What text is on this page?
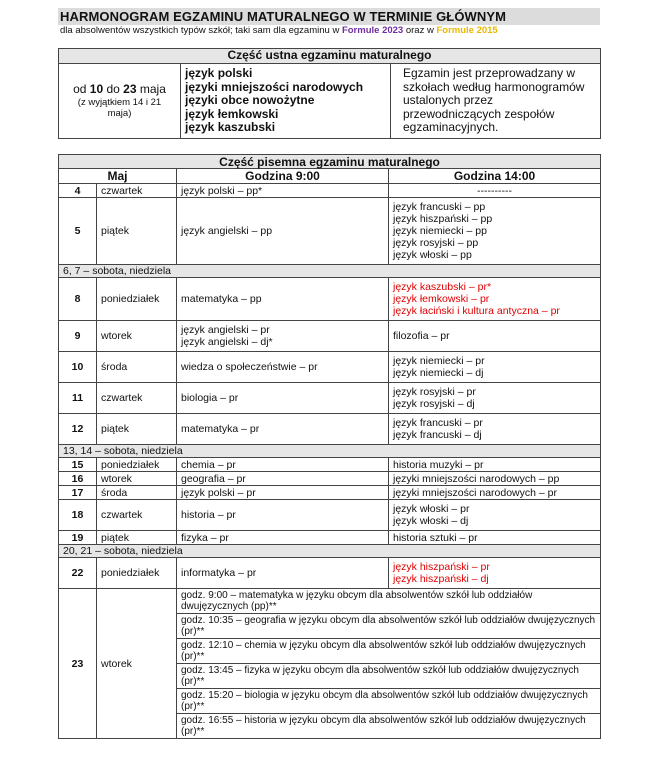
HARMONOGRAM EGZAMINU MATURALNEGO W TERMINIE GŁÓWNYM
dla absolwentów wszystkich typów szkół; taki sam dla egzaminu w Formule 2023 oraz w Formule 2015
Część ustna egzaminu maturalnego

od 10 do 23 maja
(z wyjątkiem 14 i 21 maja)

język polski
języki mniejszości narodowych
języki obce nowożytne
język łemkowski
język kaszubski
	Egzamin jest przeprowadzany w szkołach według harmonogramów ustalonych przez przewodniczących zespołów egzaminacyjnych.
Część pisemna egzaminu maturalnego			
Maj		Godzina 9:00	Godzina 14:00
4	czwartek	język polski – pp*	----------

5	piątek	język angielski – pp	język francuski – pp
język hiszpański – pp
język niemiecki – pp
język rosyjski – pp
język włoski – pp

6, 7 – sobota, niedziela			
8	poniedziałek	matematyka – pp	język kaszubski – pr*
język łemkowski – pr
język łaciński i kultura antyczna – pr

9	wtorek	język angielski – pr
język angielski – dj*	filozofia – pr

10	środa	wiedza o społeczeństwie – pr	język niemiecki – pr
język niemiecki – dj

11	czwartek	biologia – pr	język rosyjski – pr
język rosyjski – dj

12	piątek	matematyka – pr	język francuski – pr
język francuski – dj

13, 14 – sobota, niedziela			
15	poniedziałek	chemia – pr	historia muzyki – pr

16	wtorek	geografia – pr	języki mniejszości narodowych – pp

17	środa	język polski – pr	języki mniejszości narodowych – pr

18	czwartek	historia – pr	język włoski – pr
język włoski – dj

19	piątek	fizyka – pr	historia sztuki – pr

20, 21 – sobota, niedziela			
22	poniedziałek	informatyka – pr	język hiszpański – pr
język hiszpański – dj

23	wtorek	godz. 9:00 – matematyka w języku obcym dla absolwentów szkół lub oddziałów dwujęzycznych (pp)**	
		godz. 10:35 – geografia w języku obcym dla absolwentów szkół lub oddziałów dwujęzycznych (pr)**	
		godz. 12:10 – chemia w języku obcym dla absolwentów szkół lub oddziałów dwujęzycznych (pr)**	
		godz. 13:45 – fizyka w języku obcym dla absolwentów szkół lub oddziałów dwujęzycznych (pr)**	
		godz. 15:20 – biologia w języku obcym dla absolwentów szkół lub oddziałów dwujęzycznych (pr)**	
		godz. 16:55 – historia w języku obcym dla absolwentów szkół lub oddziałów dwujęzycznych (pr)**	
